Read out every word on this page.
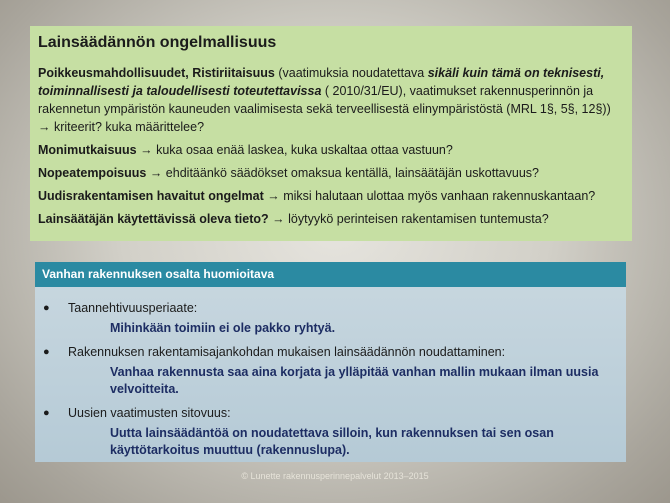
Lainsäädännön ongelmallisuus
Poikkeusmahdollisuudet, Ristiriitaisuus (vaatimuksia noudatettava sikäli kuin tämä on teknisesti, toiminnallisesti ja taloudellisesti toteutettavissa ( 2010/31/EU), vaatimukset rakennusperinnön ja rakennetun ympäristön kauneuden vaalimisesta sekä terveellisestä elinympäristöstä (MRL 1§, 5§, 12§)) → kriteerit? kuka määrittelee?
Monimutkaisuus → kuka osaa enää laskea, kuka uskaltaa ottaa vastuun?
Nopeatempoisuus → ehditäänkö säädökset omaksua kentällä, lainsäätäjän uskottavuus?
Uudisrakentamisen havaitut ongelmat → miksi halutaan ulottaa myös vanhaan rakennuskantaan?
Lainsäätäjän käytettävissä oleva tieto? → löytyykö perinteisen rakentamisen tuntemusta?
Vanhan rakennuksen osalta huomioitava
●	Taannehtivuusperiaate:
Mihinkään toimiin ei ole pakko ryhtyä.
●	Rakennuksen rakentamisajankohdan mukaisen lainsäädännön noudattaminen:
Vanhaa rakennusta saa aina korjata ja ylläpitää vanhan mallin mukaan ilman uusia velvoitteita.
●	Uusien vaatimusten sitovuus:
Uutta lainsäädäntöä on noudatettava silloin, kun rakennuksen tai sen osan käyttötarkoitus muuttuu (rakennuslupa).
© Lunette rakennusperinnepalvelut 2013–2015
